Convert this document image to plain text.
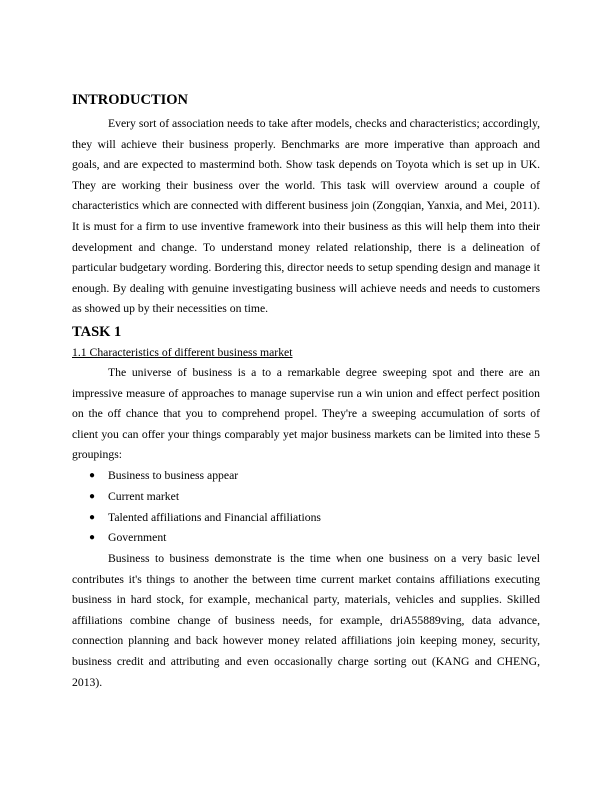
INTRODUCTION

Every sort of association needs to take after models, checks and characteristics; accordingly, they will achieve their business properly. Benchmarks are more imperative than approach and goals, and are expected to mastermind both. Show task depends on Toyota which is set up in UK. They are working their business over the world. This task will overview around a couple of characteristics which are connected with different business join (Zongqian, Yanxia, and Mei, 2011). It is must for a firm to use inventive framework into their business as this will help them into their development and change. To understand money related relationship, there is a delineation of particular budgetary wording. Bordering this, director needs to setup spending design and manage it enough. By dealing with genuine investigating business will achieve needs and needs to customers as showed up by their necessities on time.

TASK 1

1.1 Characteristics of different business market

The universe of business is a to a remarkable degree sweeping spot and there are an impressive measure of approaches to manage supervise run a win union and effect perfect position on the off chance that you to comprehend propel. They're a sweeping accumulation of sorts of client you can offer your things comparably yet major business markets can be limited into these 5 groupings:

● Business to business appear
● Current market
● Talented affiliations and Financial affiliations
● Government

Business to business demonstrate is the time when one business on a very basic level contributes it's things to another the between time current market contains affiliations executing business in hard stock, for example, mechanical party, materials, vehicles and supplies. Skilled affiliations combine change of business needs, for example, driA55889ving, data advance, connection planning and back however money related affiliations join keeping money, security, business credit and attributing and even occasionally charge sorting out (KANG and CHENG, 2013).
